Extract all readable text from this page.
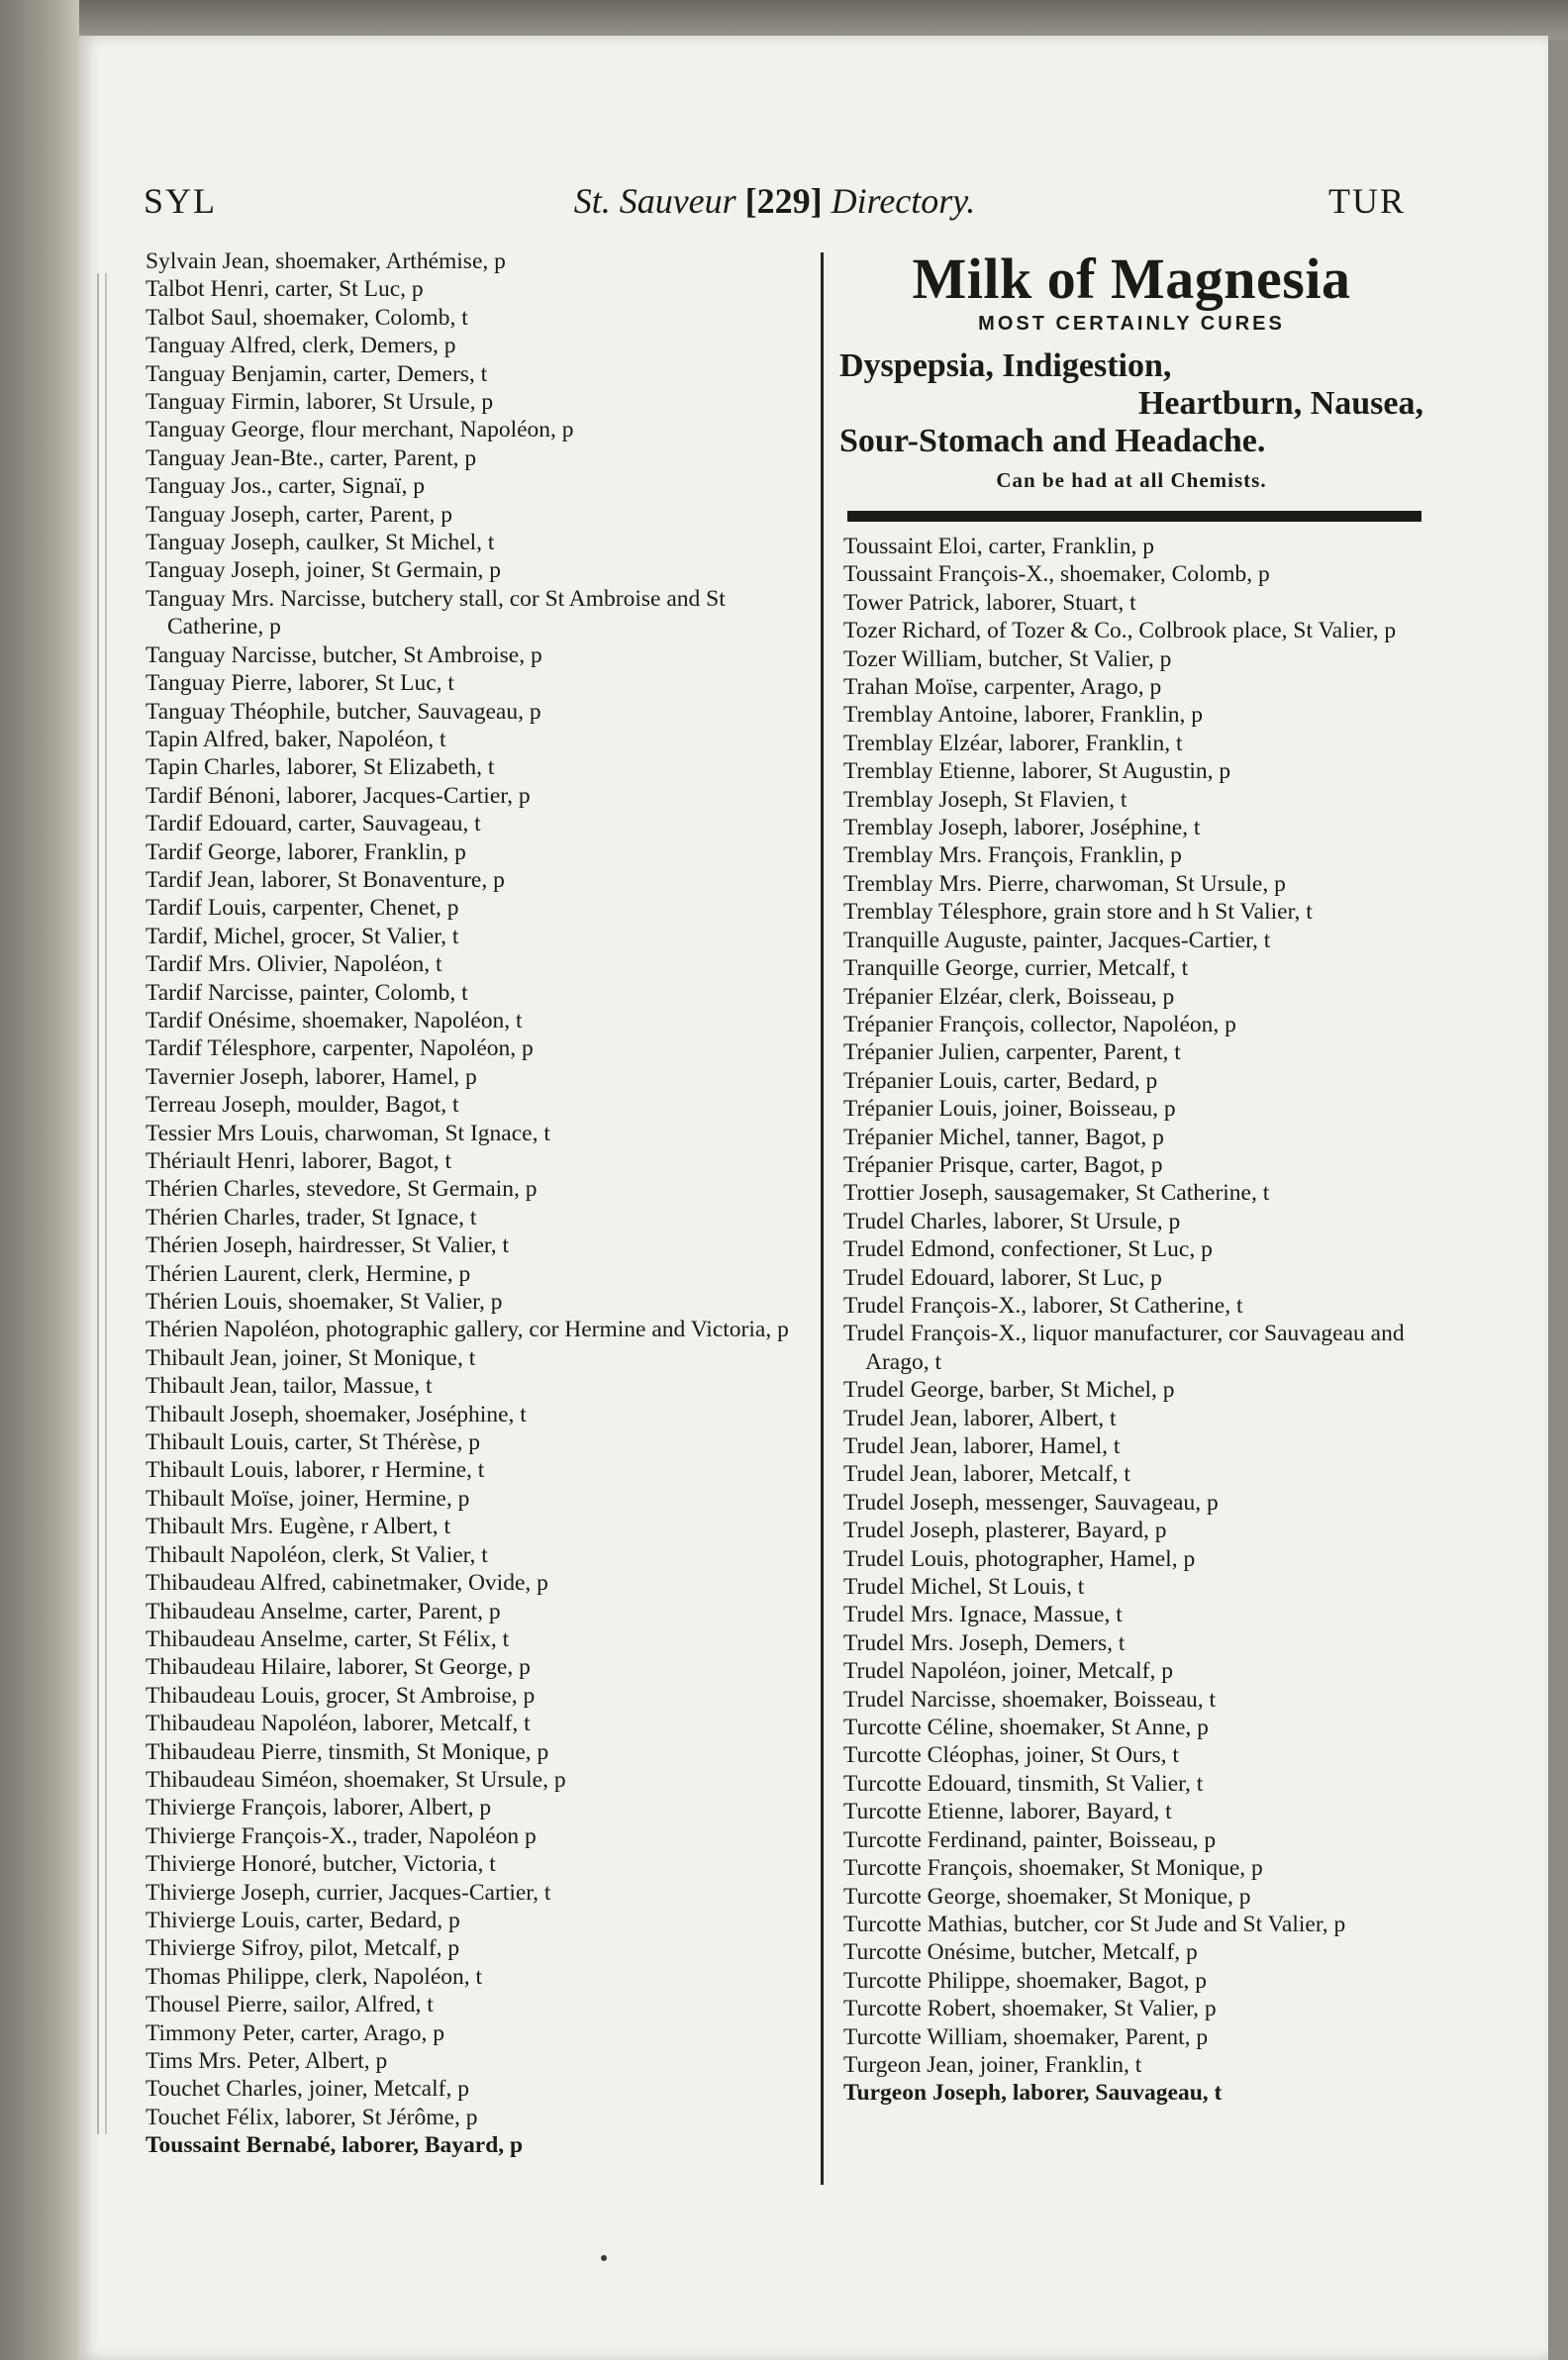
SYL	St. Sauveur [229] Directory.	TUR
Sylvain Jean, shoemaker, Arthémise, p
Talbot Henri, carter, St Luc, p
Talbot Saul, shoemaker, Colomb, t
Tanguay Alfred, clerk, Demers, p
Tanguay Benjamin, carter, Demers, t
Tanguay Firmin, laborer, St Ursule, p
Tanguay George, flour merchant, Napoléon, p
Tanguay Jean-Bte., carter, Parent, p
Tanguay Jos., carter, Signaï, p
Tanguay Joseph, carter, Parent, p
Tanguay Joseph, caulker, St Michel, t
Tanguay Joseph, joiner, St Germain, p
Tanguay Mrs. Narcisse, butchery stall, cor St Ambroise and St Catherine, p
Tanguay Narcisse, butcher, St Ambroise, p
Tanguay Pierre, laborer, St Luc, t
Tanguay Théophile, butcher, Sauvageau, p
Tapin Alfred, baker, Napoléon, t
Tapin Charles, laborer, St Elizabeth, t
Tardif Bénoni, laborer, Jacques-Cartier, p
Tardif Edouard, carter, Sauvageau, t
Tardif George, laborer, Franklin, p
Tardif Jean, laborer, St Bonaventure, p
Tardif Louis, carpenter, Chenet, p
Tardif, Michel, grocer, St Valier, t
Tardif Mrs. Olivier, Napoléon, t
Tardif Narcisse, painter, Colomb, t
Tardif Onésime, shoemaker, Napoléon, t
Tardif Télesphore, carpenter, Napoléon, p
Tavernier Joseph, laborer, Hamel, p
Terreau Joseph, moulder, Bagot, t
Tessier Mrs Louis, charwoman, St Ignace, t
Thériault Henri, laborer, Bagot, t
Thérien Charles, stevedore, St Germain, p
Thérien Charles, trader, St Ignace, t
Thérien Joseph, hairdresser, St Valier, t
Thérien Laurent, clerk, Hermine, p
Thérien Louis, shoemaker, St Valier, p
Thérien Napoléon, photographic gallery, cor Hermine and Victoria, p
Thibault Jean, joiner, St Monique, t
Thibault Jean, tailor, Massue, t
Thibault Joseph, shoemaker, Joséphine, t
Thibault Louis, carter, St Thérèse, p
Thibault Louis, laborer, r Hermine, t
Thibault Moïse, joiner, Hermine, p
Thibault Mrs. Eugène, r Albert, t
Thibault Napoléon, clerk, St Valier, t
Thibaudeau Alfred, cabinetmaker, Ovide, p
Thibaudeau Anselme, carter, Parent, p
Thibaudeau Anselme, carter, St Félix, t
Thibaudeau Hilaire, laborer, St George, p
Thibaudeau Louis, grocer, St Ambroise, p
Thibaudeau Napoléon, laborer, Metcalf, t
Thibaudeau Pierre, tinsmith, St Monique, p
Thibaudeau Siméon, shoemaker, St Ursule, p
Thivierge François, laborer, Albert, p
Thivierge François-X., trader, Napoléon p
Thivierge Honoré, butcher, Victoria, t
Thivierge Joseph, currier, Jacques-Cartier, t
Thivierge Louis, carter, Bedard, p
Thivierge Sifroy, pilot, Metcalf, p
Thomas Philippe, clerk, Napoléon, t
Thousel Pierre, sailor, Alfred, t
Timmony Peter, carter, Arago, p
Tims Mrs. Peter, Albert, p
Touchet Charles, joiner, Metcalf, p
Touchet Félix, laborer, St Jérôme, p
Toussaint Bernabé, laborer, Bayard, p
Milk of Magnesia
MOST CERTAINLY CURES
Dyspepsia, Indigestion,
Heartburn, Nausea,
Sour-Stomach and Headache.
Can be had at all Chemists.
Toussaint Eloi, carter, Franklin, p
Toussaint François-X., shoemaker, Colomb, p
Tower Patrick, laborer, Stuart, t
Tozer Richard, of Tozer & Co., Colbrook place, St Valier, p
Tozer William, butcher, St Valier, p
Trahan Moïse, carpenter, Arago, p
Tremblay Antoine, laborer, Franklin, p
Tremblay Elzéar, laborer, Franklin, t
Tremblay Etienne, laborer, St Augustin, p
Tremblay Joseph, St Flavien, t
Tremblay Joseph, laborer, Joséphine, t
Tremblay Mrs. François, Franklin, p
Tremblay Mrs. Pierre, charwoman, St Ursule, p
Tremblay Télesphore, grain store and h St Valier, t
Tranquille Auguste, painter, Jacques-Cartier, t
Tranquille George, currier, Metcalf, t
Trépanier Elzéar, clerk, Boisseau, p
Trépanier François, collector, Napoléon, p
Trépanier Julien, carpenter, Parent, t
Trépanier Louis, carter, Bedard, p
Trépanier Louis, joiner, Boisseau, p
Trépanier Michel, tanner, Bagot, p
Trépanier Prisque, carter, Bagot, p
Trottier Joseph, sausagemaker, St Catherine, t
Trudel Charles, laborer, St Ursule, p
Trudel Edmond, confectioner, St Luc, p
Trudel Edouard, laborer, St Luc, p
Trudel François-X., laborer, St Catherine, t
Trudel François-X., liquor manufacturer, cor Sauvageau and Arago, t
Trudel George, barber, St Michel, p
Trudel Jean, laborer, Albert, t
Trudel Jean, laborer, Hamel, t
Trudel Jean, laborer, Metcalf, t
Trudel Joseph, messenger, Sauvageau, p
Trudel Joseph, plasterer, Bayard, p
Trudel Louis, photographer, Hamel, p
Trudel Michel, St Louis, t
Trudel Mrs. Ignace, Massue, t
Trudel Mrs. Joseph, Demers, t
Trudel Napoléon, joiner, Metcalf, p
Trudel Narcisse, shoemaker, Boisseau, t
Turcotte Céline, shoemaker, St Anne, p
Turcotte Cléophas, joiner, St Ours, t
Turcotte Edouard, tinsmith, St Valier, t
Turcotte Etienne, laborer, Bayard, t
Turcotte Ferdinand, painter, Boisseau, p
Turcotte François, shoemaker, St Monique, p
Turcotte George, shoemaker, St Monique, p
Turcotte Mathias, butcher, cor St Jude and St Valier, p
Turcotte Onésime, butcher, Metcalf, p
Turcotte Philippe, shoemaker, Bagot, p
Turcotte Robert, shoemaker, St Valier, p
Turcotte William, shoemaker, Parent, p
Turgeon Jean, joiner, Franklin, t
Turgeon Joseph, laborer, Sauvageau, t
